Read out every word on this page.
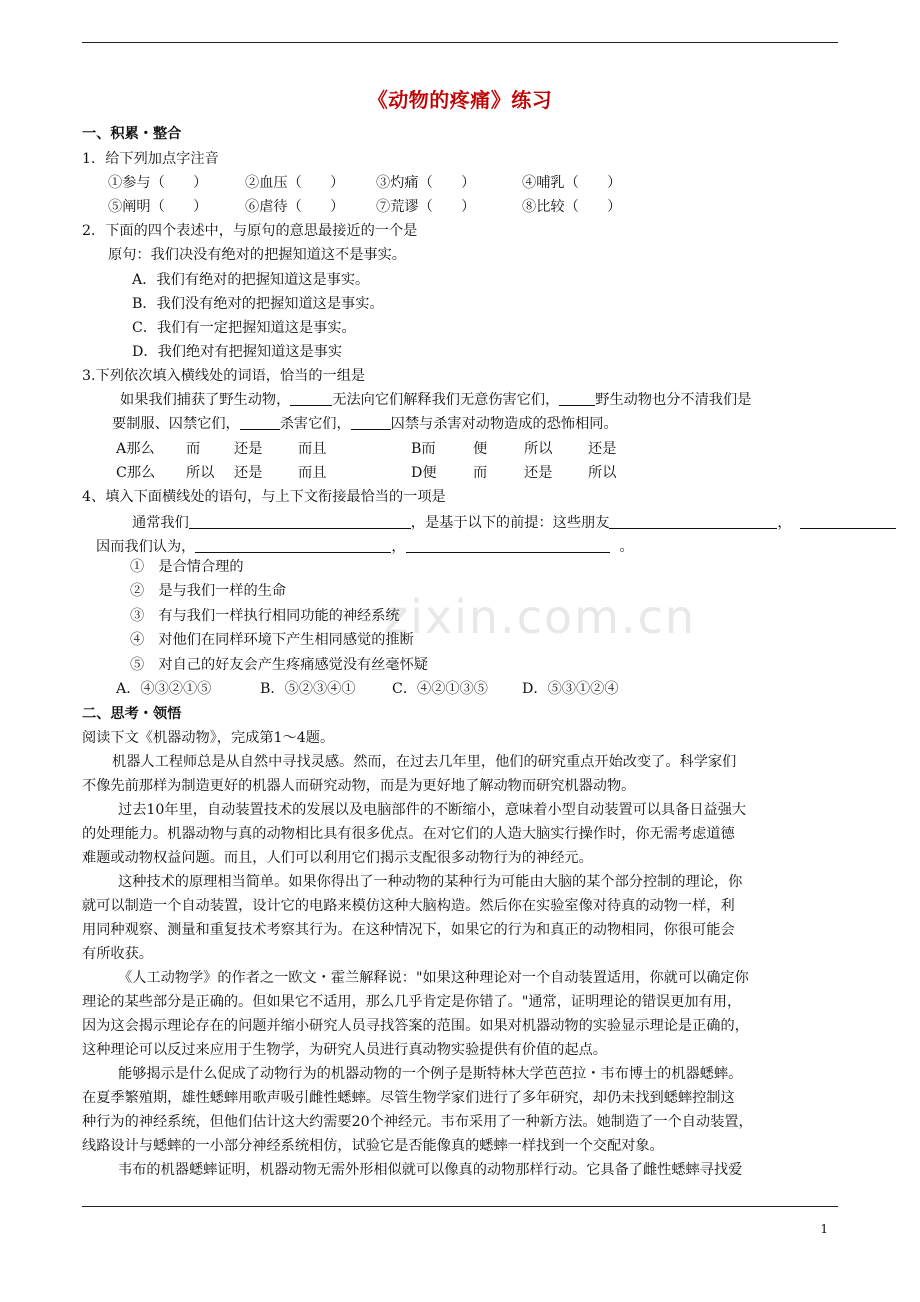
zixin.com.cn
《动物的疼痛》练习
一、积累・整合
1．给下列加点字注音
①参与（　　）	②血压（　　） ③灼痛（　　）	④哺乳（　　）
⑤阐明（　　）	⑥虐待（　　） ⑦荒谬（　　）	⑧比较（　　）
2．下面的四个表述中，与原句的意思最接近的一个是
原句：我们决没有绝对的把握知道这不是事实。
A．我们有绝对的把握知道这是事实。
B．我们没有绝对的把握知道这是事实。
C．我们有一定把握知道这是事实。
D．我们绝对有把握知道这是事实
3.下列依次填入横线处的词语，恰当的一组是
如果我们捕获了野生动物，	无法向它们解释我们无意伤害它们，	野生动物也分不清我们是
要制服、囚禁它们，	杀害它们，	囚禁与杀害对动物造成的恐怖相同。
A那么 而 还是	而且	B而	便	所以	还是
C那么 所以 还是	而且	D便	而	还是	所以
4、填入下面横线处的语句，与上下文衔接最恰当的一项是
通常我们	，是基于以下的前提：这些朋友	，
因而我们认为，	，	。
①　是合情合理的
②　是与我们一样的生命
③　有与我们一样执行相同功能的神经系统
④　对他们在同样环境下产生相同感觉的推断
⑤　对自己的好友会产生疼痛感觉没有丝毫怀疑
A．④③②①⑤	B．⑤②③④①	C．④②①③⑤ D．⑤③①②④
二、思考・领悟
阅读下文《机器动物》，完成第1～4题。
机器人工程师总是从自然中寻找灵感。然而，在过去几年里，他们的研究重点开始改变了。科学家们
不像先前那样为制造更好的机器人而研究动物，而是为更好地了解动物而研究机器动物。
过去10年里，自动装置技术的发展以及电脑部件的不断缩小，意味着小型自动装置可以具备日益强大
的处理能力。机器动物与真的动物相比具有很多优点。在对它们的人造大脑实行操作时，你无需考虑道德
难题或动物权益问题。而且，人们可以利用它们揭示支配很多动物行为的神经元。
这种技术的原理相当简单。如果你得出了一种动物的某种行为可能由大脑的某个部分控制的理论，你
就可以制造一个自动装置，设计它的电路来模仿这种大脑构造。然后你在实验室像对待真的动物一样，利
用同种观察、测量和重复技术考察其行为。在这种情况下，如果它的行为和真正的动物相同，你很可能会
有所收获。
《人工动物学》的作者之一欧文・霍兰解释说："如果这种理论对一个自动装置适用，你就可以确定你
理论的某些部分是正确的。但如果它不适用，那么几乎肯定是你错了。"通常，证明理论的错误更加有用，
因为这会揭示理论存在的问题并缩小研究人员寻找答案的范围。如果对机器动物的实验显示理论是正确的，
这种理论可以反过来应用于生物学，为研究人员进行真动物实验提供有价值的起点。
能够揭示是什么促成了动物行为的机器动物的一个例子是斯特林大学芭芭拉・韦布博士的机器蟋蟀。
在夏季繁殖期，雄性蟋蟀用歌声吸引雌性蟋蟀。尽管生物学家们进行了多年研究，却仍未找到蟋蟀控制这
种行为的神经系统，但他们估计这大约需要20个神经元。韦布采用了一种新方法。她制造了一个自动装置，
线路设计与蟋蟀的一小部分神经系统相仿，试验它是否能像真的蟋蟀一样找到一个交配对象。
韦布的机器蟋蟀证明，机器动物无需外形相似就可以像真的动物那样行动。它具备了雌性蟋蟀寻找爱
1
